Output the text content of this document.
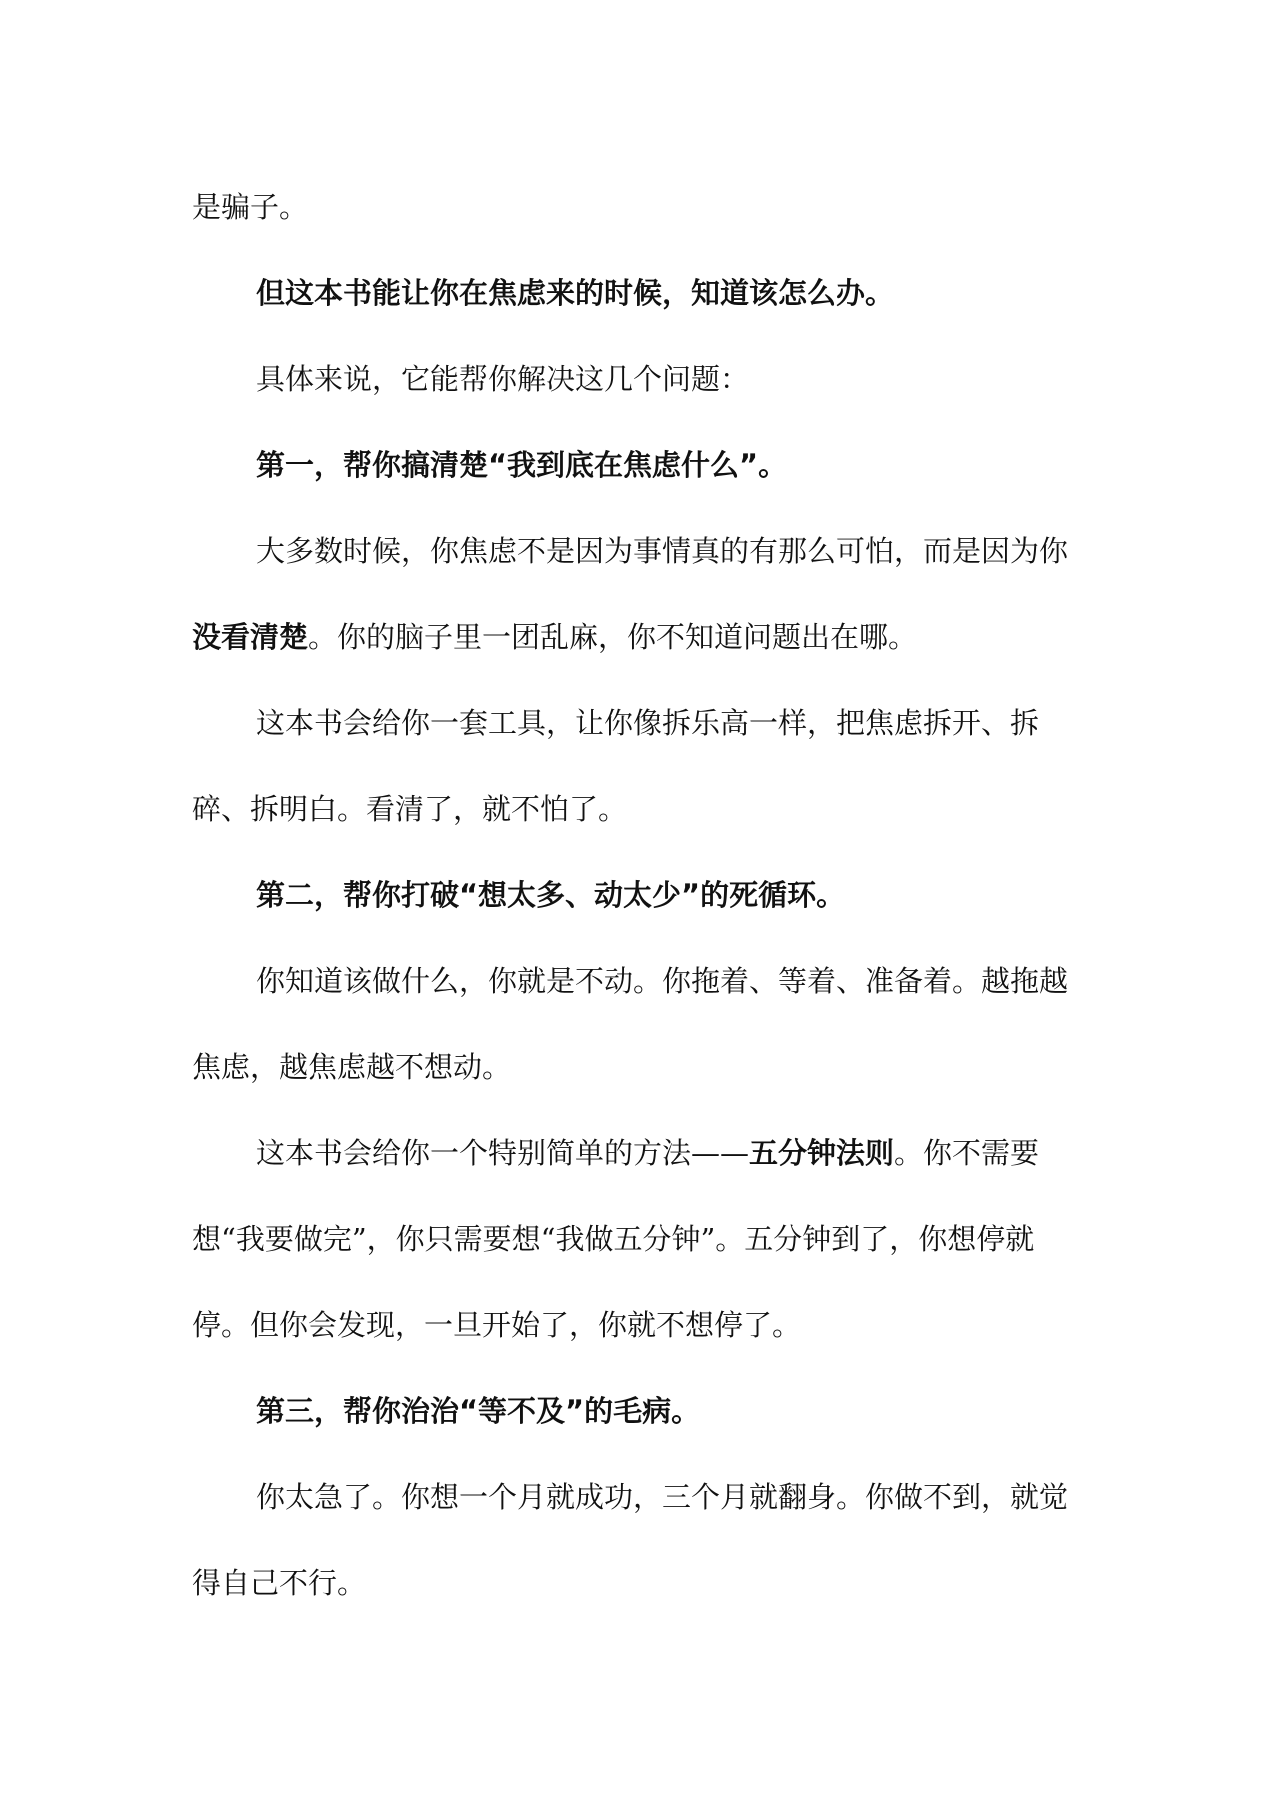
是骗子。

但这本书能让你在焦虑来的时候，知道该怎么办。

具体来说，它能帮你解决这几个问题：

第一，帮你搞清楚“我到底在焦虑什么”。

大多数时候，你焦虑不是因为事情真的有那么可怕，而是因为你没看清楚。你的脑子里一团乱麻，你不知道问题出在哪。

这本书会给你一套工具，让你像拆乐高一样，把焦虑拆开、拆碎、拆明白。看清了，就不怕了。

第二，帮你打破“想太多、动太少”的死循环。

你知道该做什么，你就是不动。你拖着、等着、准备着。越拖越焦虑，越焦虑越不想动。

这本书会给你一个特别简单的方法——五分钟法则。你不需要想“我要做完”，你只需要想“我做五分钟”。五分钟到了，你想停就停。但你会发现，一旦开始了，你就不想停了。

第三，帮你治治“等不及”的毛病。

你太急了。你想一个月就成功，三个月就翻身。你做不到，就觉得自己不行。
